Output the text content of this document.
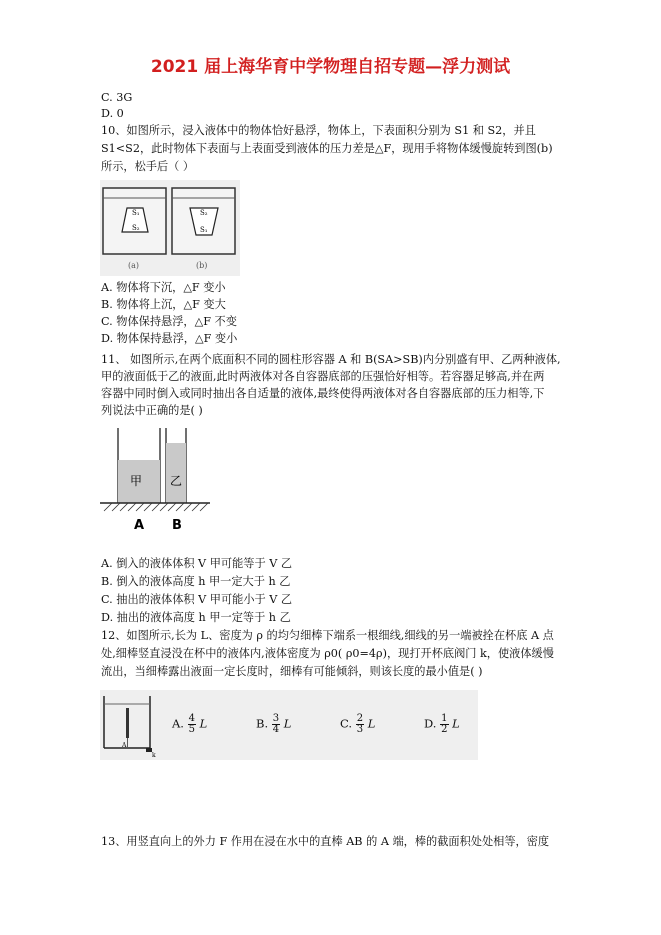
2021 届上海华育中学物理自招专题—浮力测试
C. 3G
D. 0
10、如图所示，浸入液体中的物体恰好悬浮，物体上，下表面积分别为 S1 和 S2，并且
S1<S2，此时物体下表面与上表面受到液体的压力差是△F，现用手将物体缓慢旋转到图(b)
所示，松手后（ ）
S₁
S₂
S₂
S₁
(a)	(b)
A. 物体将下沉，△F 变小
B. 物体将上沉，△F 变大
C. 物体保持悬浮，△F 不变
D. 物体保持悬浮，△F 变小
11、 如图所示,在两个底面积不同的圆柱形容器 A 和 B(SA>SB)内分别盛有甲、乙两种液体,
甲的液面低于乙的液面,此时两液体对各自容器底部的压强恰好相等。若容器足够高,并在两
容器中同时倒入或同时抽出各自适量的液体,最终使得两液体对各自容器底部的压力相等,下
列说法中正确的是( )
甲 乙
A B
A. 倒入的液体体积 V 甲可能等于 V 乙
B. 倒入的液体高度 h 甲一定大于 h 乙
C. 抽出的液体体积 V 甲可能小于 V 乙
D. 抽出的液体高度 h 甲一定等于 h 乙
12、如图所示,长为 L、密度为 ρ 的均匀细棒下端系一根细线,细线的另一端被拴在杯底 A 点
处,细棒竖直浸没在杯中的液体内,液体密度为 ρ0( ρ0=4ρ)，现打开杯底阀门 k，使液体缓慢
流出，当细棒露出液面一定长度时，细棒有可能倾斜，则该长度的最小值是( )
A
k
A. $\frac{4}{5}$ L	B. $\frac{3}{4}$ L	C. $\frac{2}{3}$ L	D. $\frac{1}{2}$ L
13、用竖直向上的外力 F 作用在浸在水中的直棒 AB 的 A 端，棒的截面积处处相等，密度
